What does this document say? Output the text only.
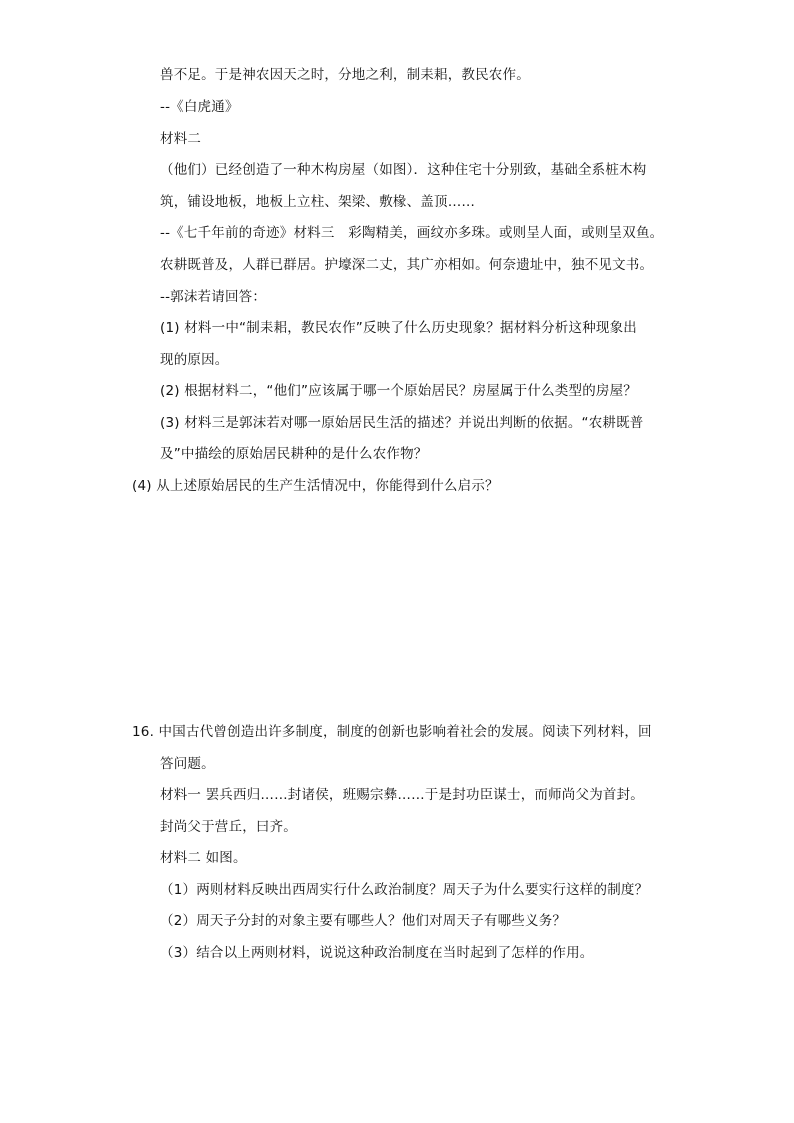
兽不足。于是神农因天之时，分地之利，制耒耜，教民农作。
--《白虎通》
材料二
（他们）已经创造了一种木构房屋（如图）．这种住宅十分别致，基础全系桩木构
筑，铺设地板，地板上立柱、架梁、敷椽、盖顶……
--《七千年前的奇迹》材料三　彩陶精美，画纹亦多珠。或则呈人面，或则呈双鱼。
农耕既普及，人群已群居。护壕深二丈，其广亦相如。何奈遗址中，独不见文书。
--郭沫若请回答：
(1) 材料一中“制耒耜，教民农作”反映了什么历史现象？据材料分析这种现象出
现的原因。
(2) 根据材料二，“他们”应该属于哪一个原始居民？房屋属于什么类型的房屋？
(3) 材料三是郭沫若对哪一原始居民生活的描述？并说出判断的依据。“农耕既普
及”中描绘的原始居民耕种的是什么农作物？
(4) 从上述原始居民的生产生活情况中，你能得到什么启示？
16. 中国古代曾创造出许多制度，制度的创新也影响着社会的发展。阅读下列材料，回
答问题。
材料一 罢兵西归……封诸侯，班赐宗彝……于是封功臣谋士，而师尚父为首封。
封尚父于营丘，曰齐。
材料二 如图。
（1）两则材料反映出西周实行什么政治制度？周天子为什么要实行这样的制度？
（2）周天子分封的对象主要有哪些人？他们对周天子有哪些义务？
（3）结合以上两则材料，说说这种政治制度在当时起到了怎样的作用。
